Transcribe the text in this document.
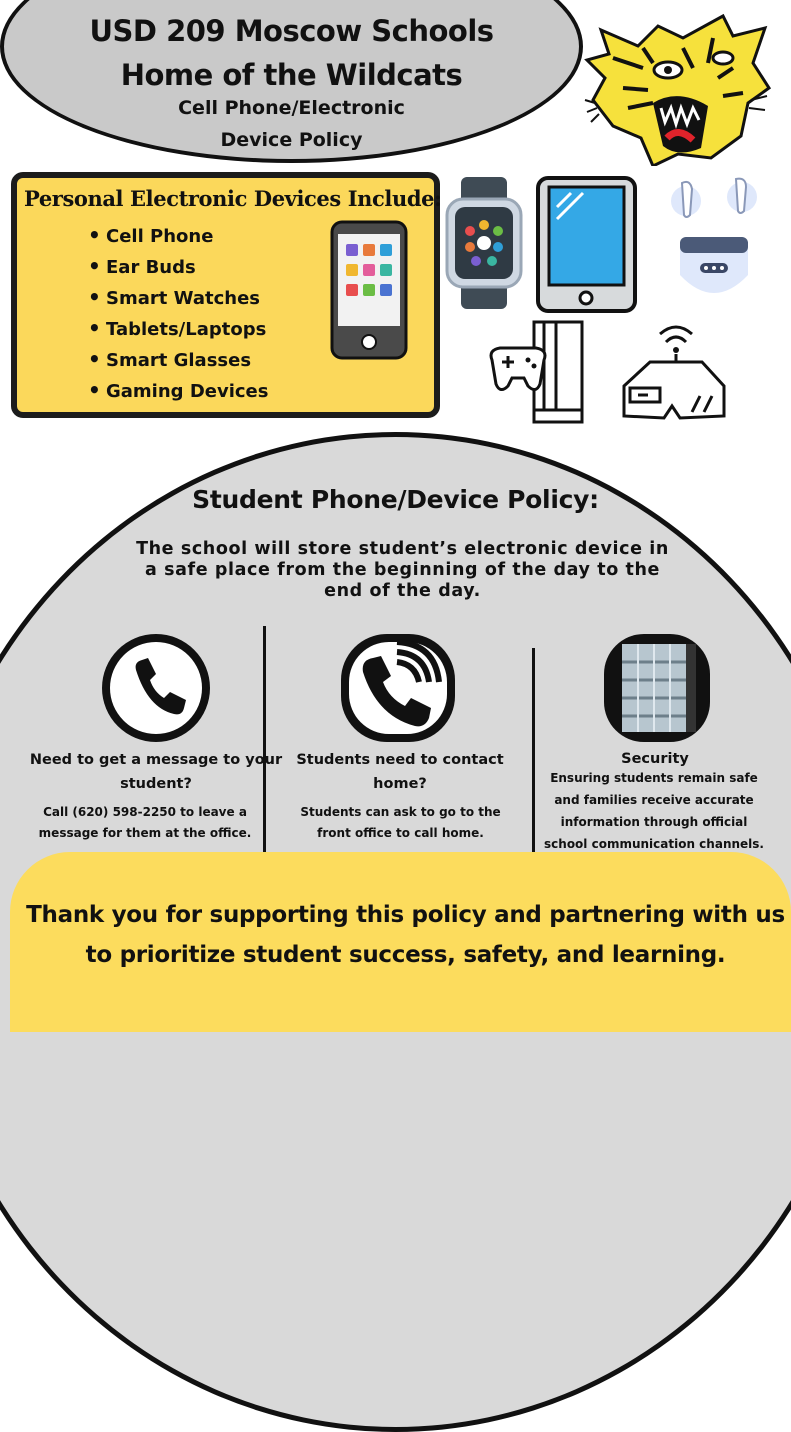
USD 209 Moscow Schools
Home of the Wildcats
Cell Phone/Electronic
Device Policy
Personal Electronic Devices Include:
• Cell Phone
• Ear Buds
• Smart Watches
• Tablets/Laptops
• Smart Glasses
• Gaming Devices
Student Phone/Device Policy:
The school will store student’s electronic device in a safe place from the beginning of the day to the end of the day.
Need to get a message to your student?
Call (620) 598-2250 to leave a message for them at the office.
Students need to contact home?
Students can ask to go to the front office to call home.
Security
Ensuring students remain safe and families receive accurate information through official school communication channels.
Thank you for supporting this policy and partnering with us to prioritize student success, safety, and learning.
